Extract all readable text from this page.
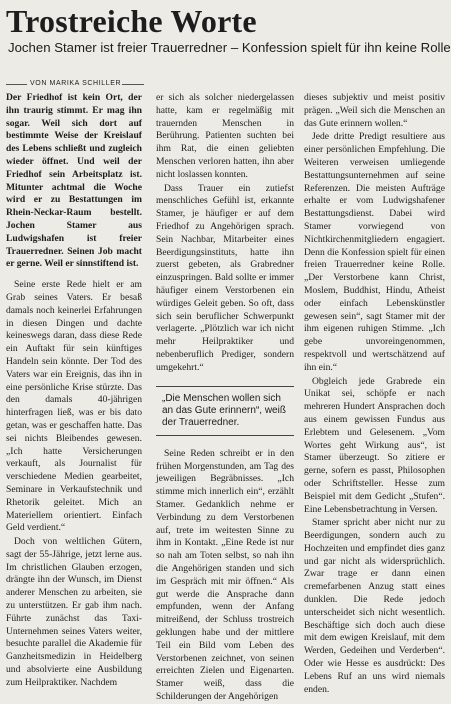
Trostreiche Worte
Jochen Stamer ist freier Trauerredner – Konfession spielt für ihn keine Rolle
VON MARIKA SCHILLER

Der Friedhof ist kein Ort, der ihn traurig stimmt. Er mag ihn sogar. Weil sich dort auf bestimmte Weise der Kreislauf des Lebens schließt und zugleich wieder öffnet. Und weil der Friedhof sein Arbeitsplatz ist. Mitunter achtmal die Woche wird er zu Bestattungen im Rhein-Neckar-Raum bestellt. Jochen Stamer aus Ludwigshafen ist freier Trauerredner. Seinen Job macht er gerne. Weil er sinnstiftend ist.

Seine erste Rede hielt er am Grab seines Vaters. Er besaß damals noch keinerlei Erfahrungen in diesen Dingen und dachte keineswegs daran, dass diese Rede ein Auftakt für sein künftiges Handeln sein könnte. Der Tod des Vaters war ein Ereignis, das ihn in eine persönliche Krise stürzte. Das den damals 40-jährigen hinterfragen ließ, was er bis dato getan, was er geschaffen hatte. Das sei nichts Bleibendes gewesen. „Ich hatte Versicherungen verkauft, als Journalist für verschiedene Medien gearbeitet, Seminare in Verkaufstechnik und Rhetorik geleitet. Mich an Materiellem orientiert. Einfach Geld verdient.“

Doch von weltlichen Gütern, sagt der 55-Jährige, jetzt lerne aus. Im christlichen Glauben erzogen, drängte ihn der Wunsch, im Dienst anderer Menschen zu arbeiten, sie zu unterstützen. Er gab ihm nach. Führte zunächst das Taxi-Unternehmen seines Vaters weiter, besuchte parallel die Akademie für Ganzheitsmedizin in Heidelberg und absolvierte eine Ausbildung zum Heilpraktiker. Nachdem

er sich als solcher niedergelassen hatte, kam er regelmäßig mit trauernden Menschen in Berührung. Patienten suchten bei ihm Rat, die einen geliebten Menschen verloren hatten, ihn aber nicht loslassen konnten.

Dass Trauer ein zutiefst menschliches Gefühl ist, erkannte Stamer, je häufiger er auf dem Friedhof zu Angehörigen sprach. Sein Nachbar, Mitarbeiter eines Beerdigungsinstituts, hatte ihn zuerst gebeten, als Grabredner einzuspringen. Bald sollte er immer häufiger einem Verstorbenen ein würdiges Geleit geben. So oft, dass sich sein beruflicher Schwerpunkt verlagerte. „Plötzlich war ich nicht mehr Heilpraktiker und nebenberuflich Prediger, sondern umgekehrt.“

„Die Menschen wollen sich an das Gute erinnern“, weiß der Trauerredner.

Seine Reden schreibt er in den frühen Morgenstunden, am Tag des jeweiligen Begräbnisses. „Ich stimme mich innerlich ein“, erzählt Stamer. Gedanklich nehme er Verbindung zu dem Verstorbenen auf, trete im weitesten Sinne zu ihm in Kontakt. „Eine Rede ist nur so nah am Toten selbst, so nah ihn die Angehörigen standen und sich im Gespräch mit mir öffnen.“ Als gut werde die Ansprache dann empfunden, wenn der Anfang mitreißend, der Schluss trostreich geklungen habe und der mittlere Teil ein Bild vom Leben des Verstorbenen zeichnet, von seinen erreichten Zielen und Eigenarten. Stamer weiß, dass die Schilderungen der Angehörigen

dieses subjektiv und meist positiv prägen. „Weil sich die Menschen an das Gute erinnern wollen.“

Jede dritte Predigt resultiere aus einer persönlichen Empfehlung. Die Weiteren verweisen umliegende Bestattungsunternehmen auf seine Referenzen. Die meisten Aufträge erhalte er vom Ludwigshafener Bestattungsdienst. Dabei wird Stamer vorwiegend von Nichtkirchenmitgliedern engagiert. Denn die Konfession spielt für einen freien Trauerredner keine Rolle. „Der Verstorbene kann Christ, Moslem, Buddhist, Hindu, Atheist oder einfach Lebenskünstler gewesen sein“, sagt Stamer mit der ihm eigenen ruhigen Stimme. „Ich gebe unvoreingenommen, respektvoll und wertschätzend auf ihn ein.“

Obgleich jede Grabrede ein Unikat sei, schöpfe er nach mehreren Hundert Ansprachen doch aus einem gewissen Fundus aus Erlebtem und Gelesenem. „Vom Wortes geht Wirkung aus“, ist Stamer überzeugt. So zitiere er gerne, sofern es passt, Philosophen oder Schriftsteller. Hesse zum Beispiel mit dem Gedicht „Stufen“. Eine Lebensbetrachtung in Versen.

Stamer spricht aber nicht nur zu Beerdigungen, sondern auch zu Hochzeiten und empfindet dies ganz und gar nicht als widersprüchlich. Zwar trage er dann einen cremefarbenen Anzug statt eines dunklen. Die Rede jedoch unterscheidet sich nicht wesentlich. Beschäftige sich doch auch diese mit dem ewigen Kreislauf, mit dem Werden, Gedeihen und Verderben“. Oder wie Hesse es ausdrückt: Des Lebens Ruf an uns wird niemals enden.
